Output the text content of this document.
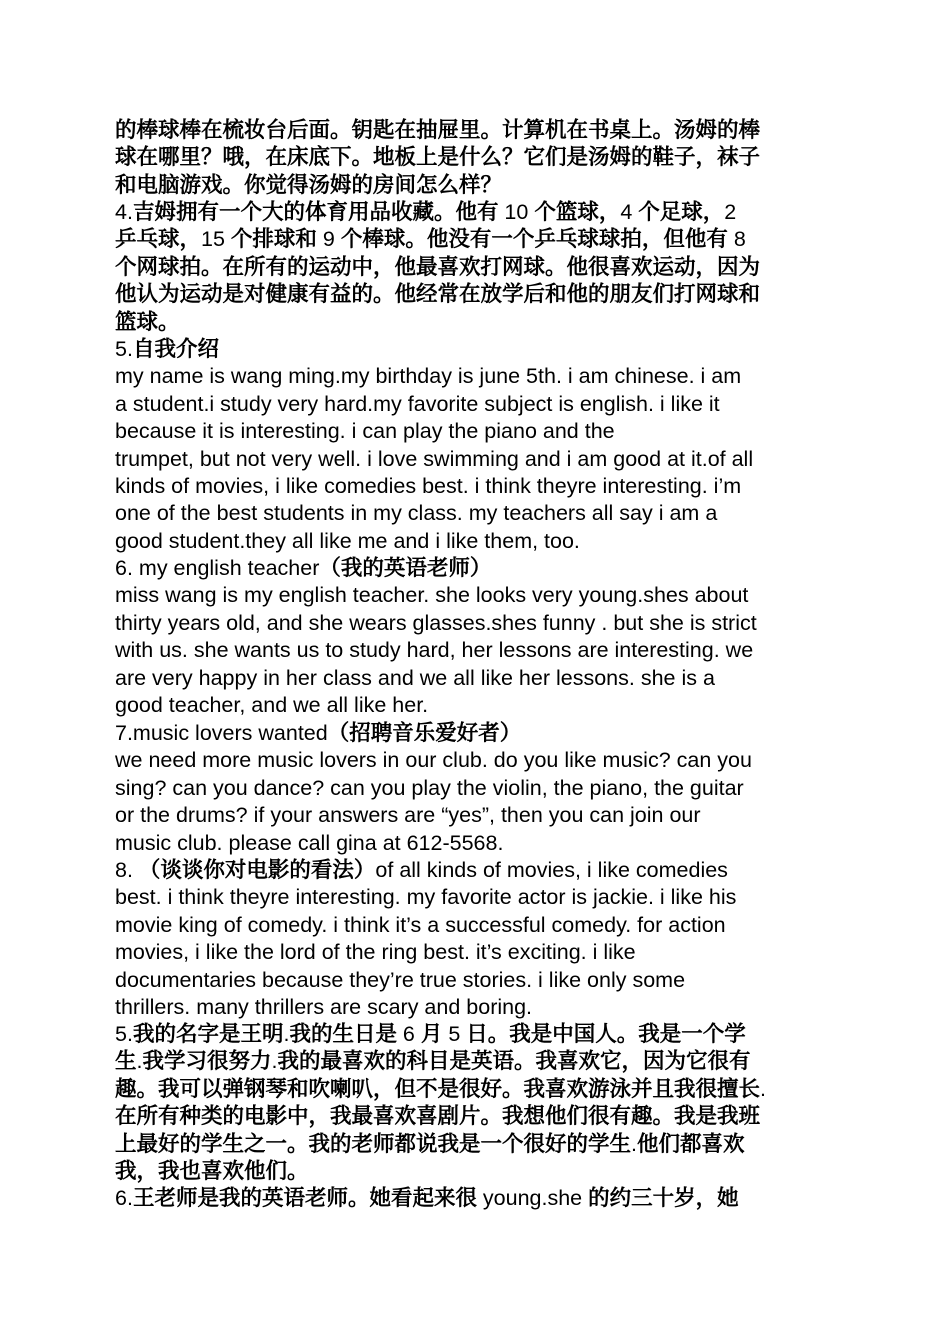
的棒球棒在梳妆台后面。钥匙在抽屉里。计算机在书桌上。汤姆的棒
球在哪里？哦，在床底下。地板上是什么？它们是汤姆的鞋子，袜子
和电脑游戏。你觉得汤姆的房间怎么样？
4.吉姆拥有一个大的体育用品收藏。他有 10 个篮球，4 个足球，2
乒乓球，15 个排球和 9 个棒球。他没有一个乒乓球球拍，但他有 8
个网球拍。在所有的运动中，他最喜欢打网球。他很喜欢运动，因为
他认为运动是对健康有益的。他经常在放学后和他的朋友们打网球和
篮球。
5.自我介绍
my name is wang ming.my birthday is june 5th. i am chinese. i am
a student.i study very hard.my favorite subject is english. i like it
because it is interesting. i can play the piano and the
trumpet, but not very well. i love swimming and i am good at it.of all
kinds of movies, i like comedies best. i think theyre interesting. i’m
one of the best students in my class. my teachers all say i am a
good student.they all like me and i like them, too.
6. my english teacher（我的英语老师）
miss wang is my english teacher. she looks very young.shes about
thirty years old, and she wears glasses.shes funny . but she is strict
with us. she wants us to study hard, her lessons are interesting. we
are very happy in her class and we all like her lessons. she is a
good teacher, and we all like her.
7.music lovers wanted（招聘音乐爱好者）
we need more music lovers in our club. do you like music? can you
sing? can you dance? can you play the violin, the piano, the guitar
or the drums? if your answers are “yes”, then you can join our
music club. please call gina at 612-5568.
8. （谈谈你对电影的看法）of all kinds of movies, i like comedies
best. i think theyre interesting. my favorite actor is jackie. i like his
movie king of comedy. i think it’s a successful comedy. for action
movies, i like the lord of the ring best. it’s exciting. i like
documentaries because they’re true stories. i like only some
thrillers. many thrillers are scary and boring.
5.我的名字是王明.我的生日是 6 月 5 日。我是中国人。我是一个学
生.我学习很努力.我的最喜欢的科目是英语。我喜欢它，因为它很有
趣。我可以弹钢琴和吹喇叭，但不是很好。我喜欢游泳并且我很擅长.
在所有种类的电影中，我最喜欢喜剧片。我想他们很有趣。我是我班
上最好的学生之一。我的老师都说我是一个很好的学生.他们都喜欢
我，我也喜欢他们。
6.王老师是我的英语老师。她看起来很 young.she 的约三十岁，她
